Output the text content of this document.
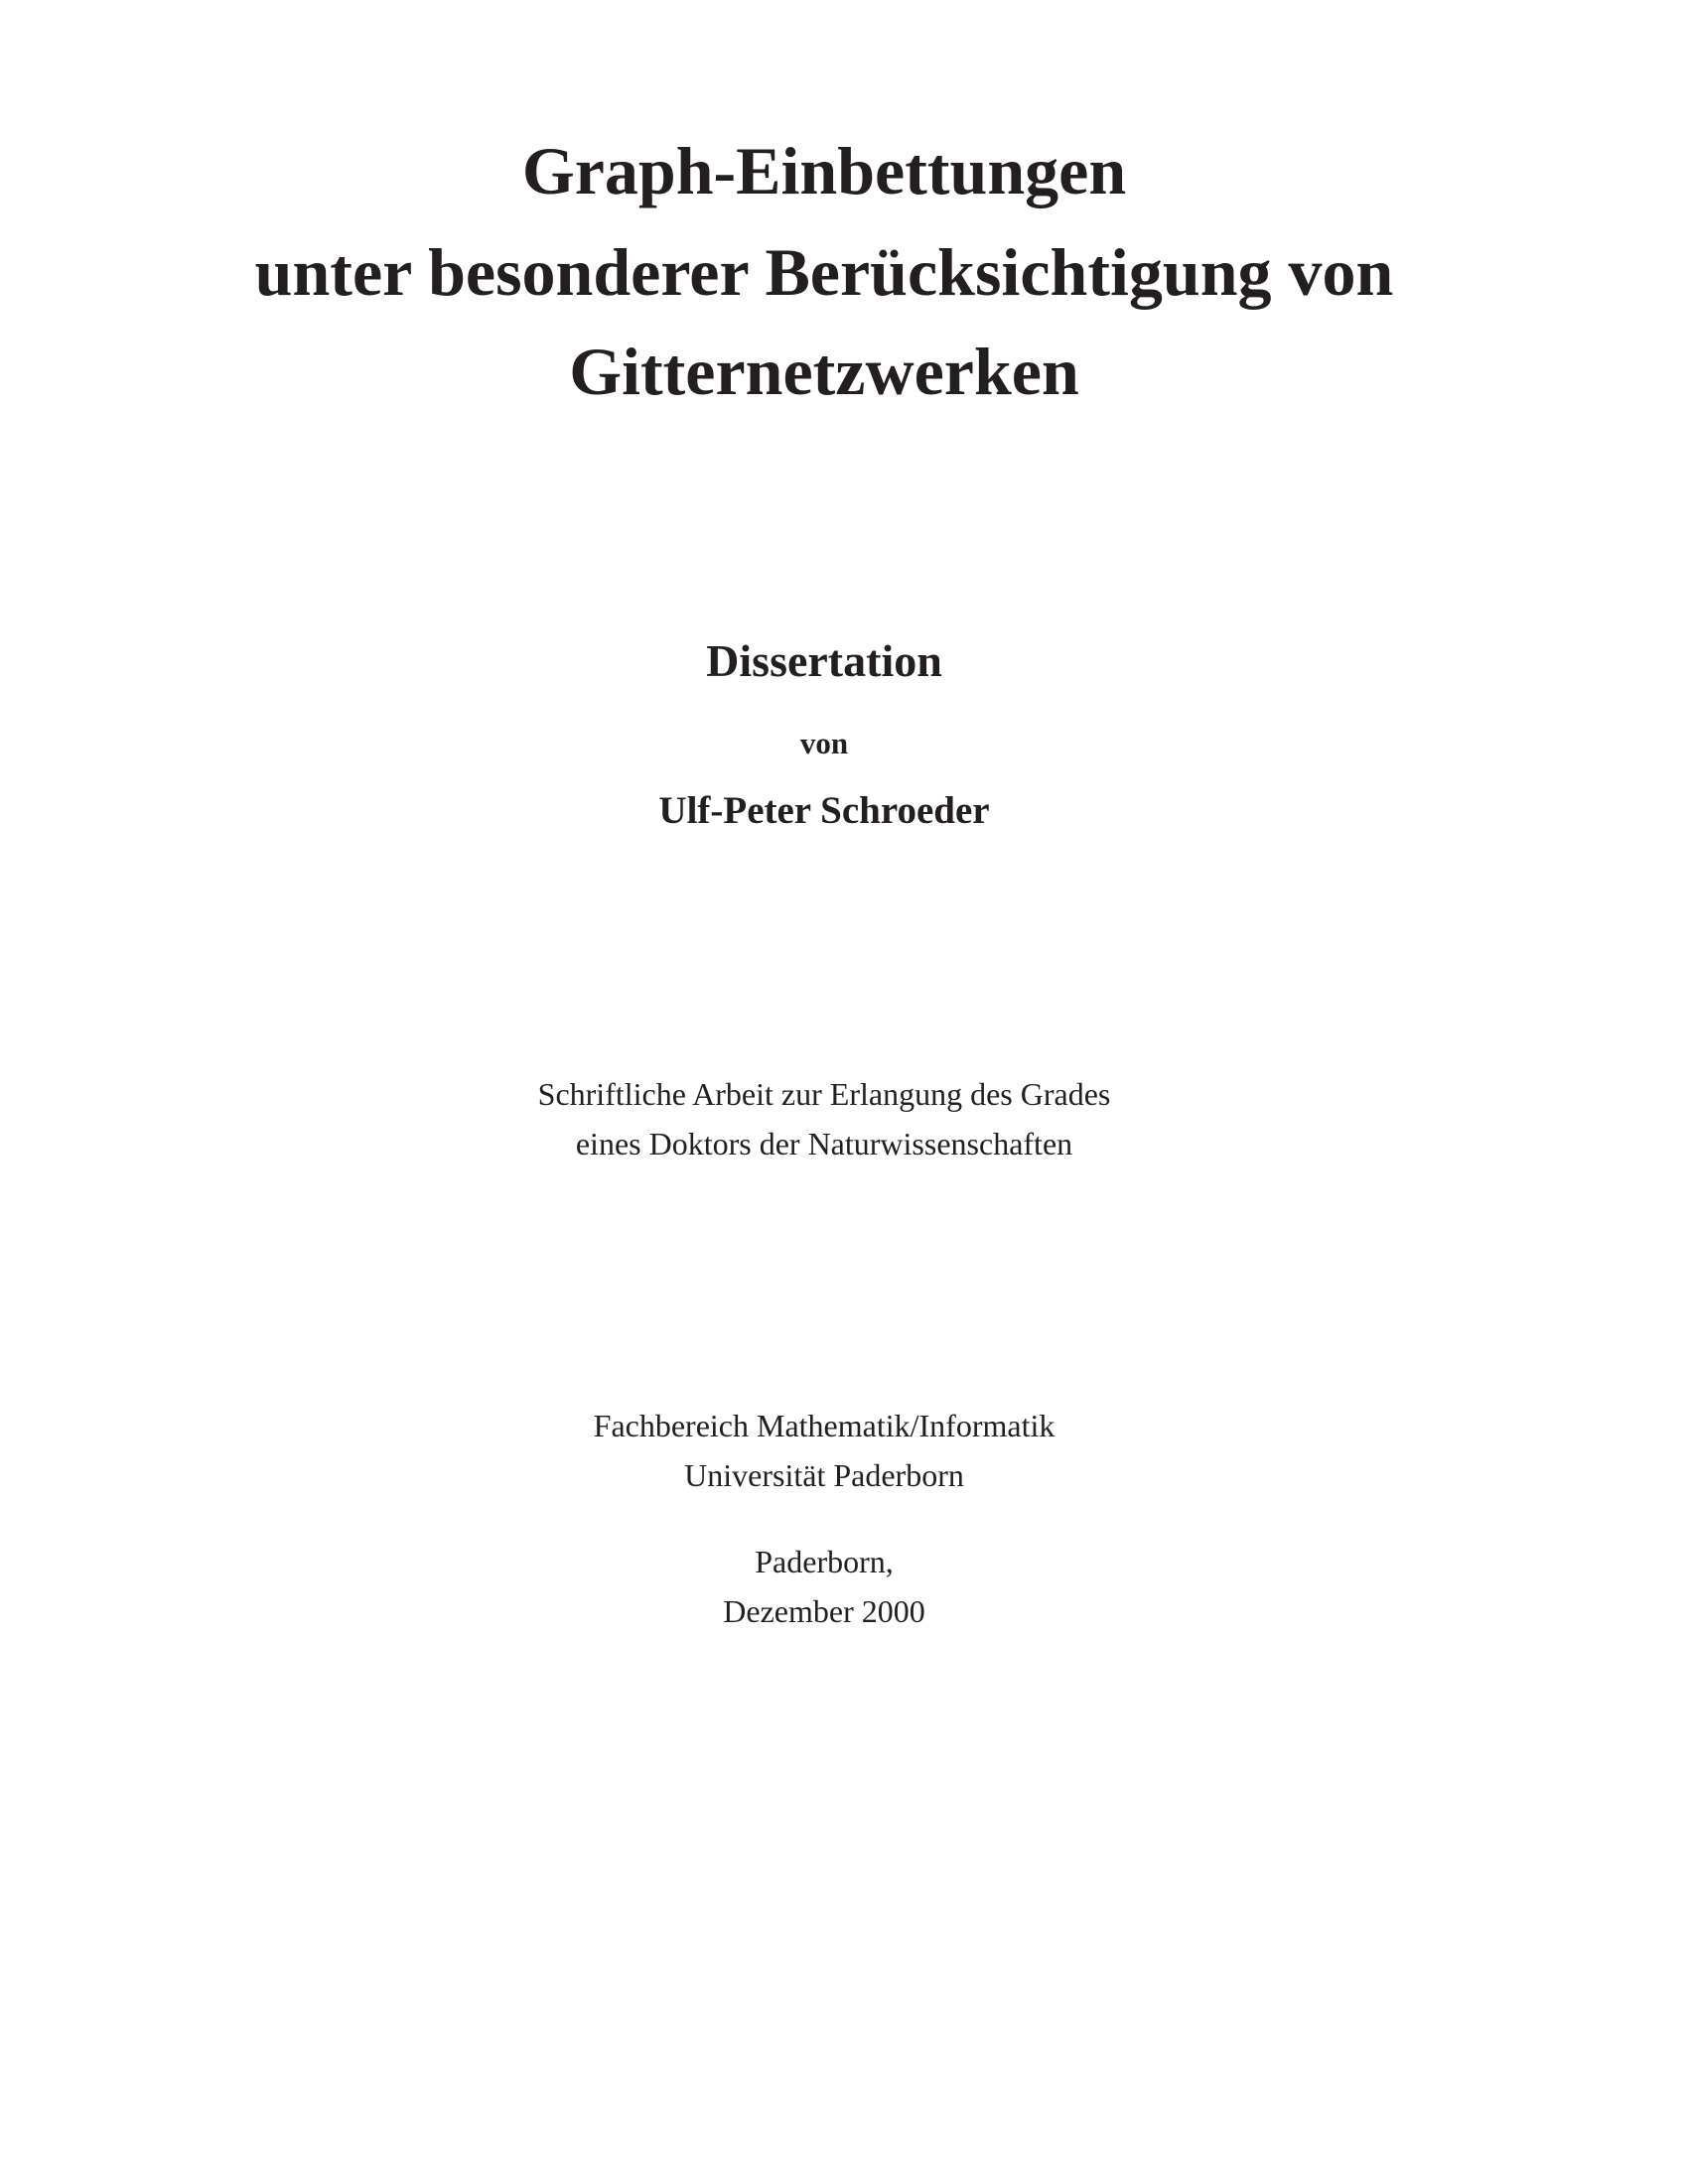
Graph-Einbettungen
unter besonderer Berücksichtigung von
Gitternetzwerken
Dissertation
von
Ulf-Peter Schroeder
Schriftliche Arbeit zur Erlangung des Grades
eines Doktors der Naturwissenschaften
Fachbereich Mathematik/Informatik
Universität Paderborn
Paderborn,
Dezember 2000
